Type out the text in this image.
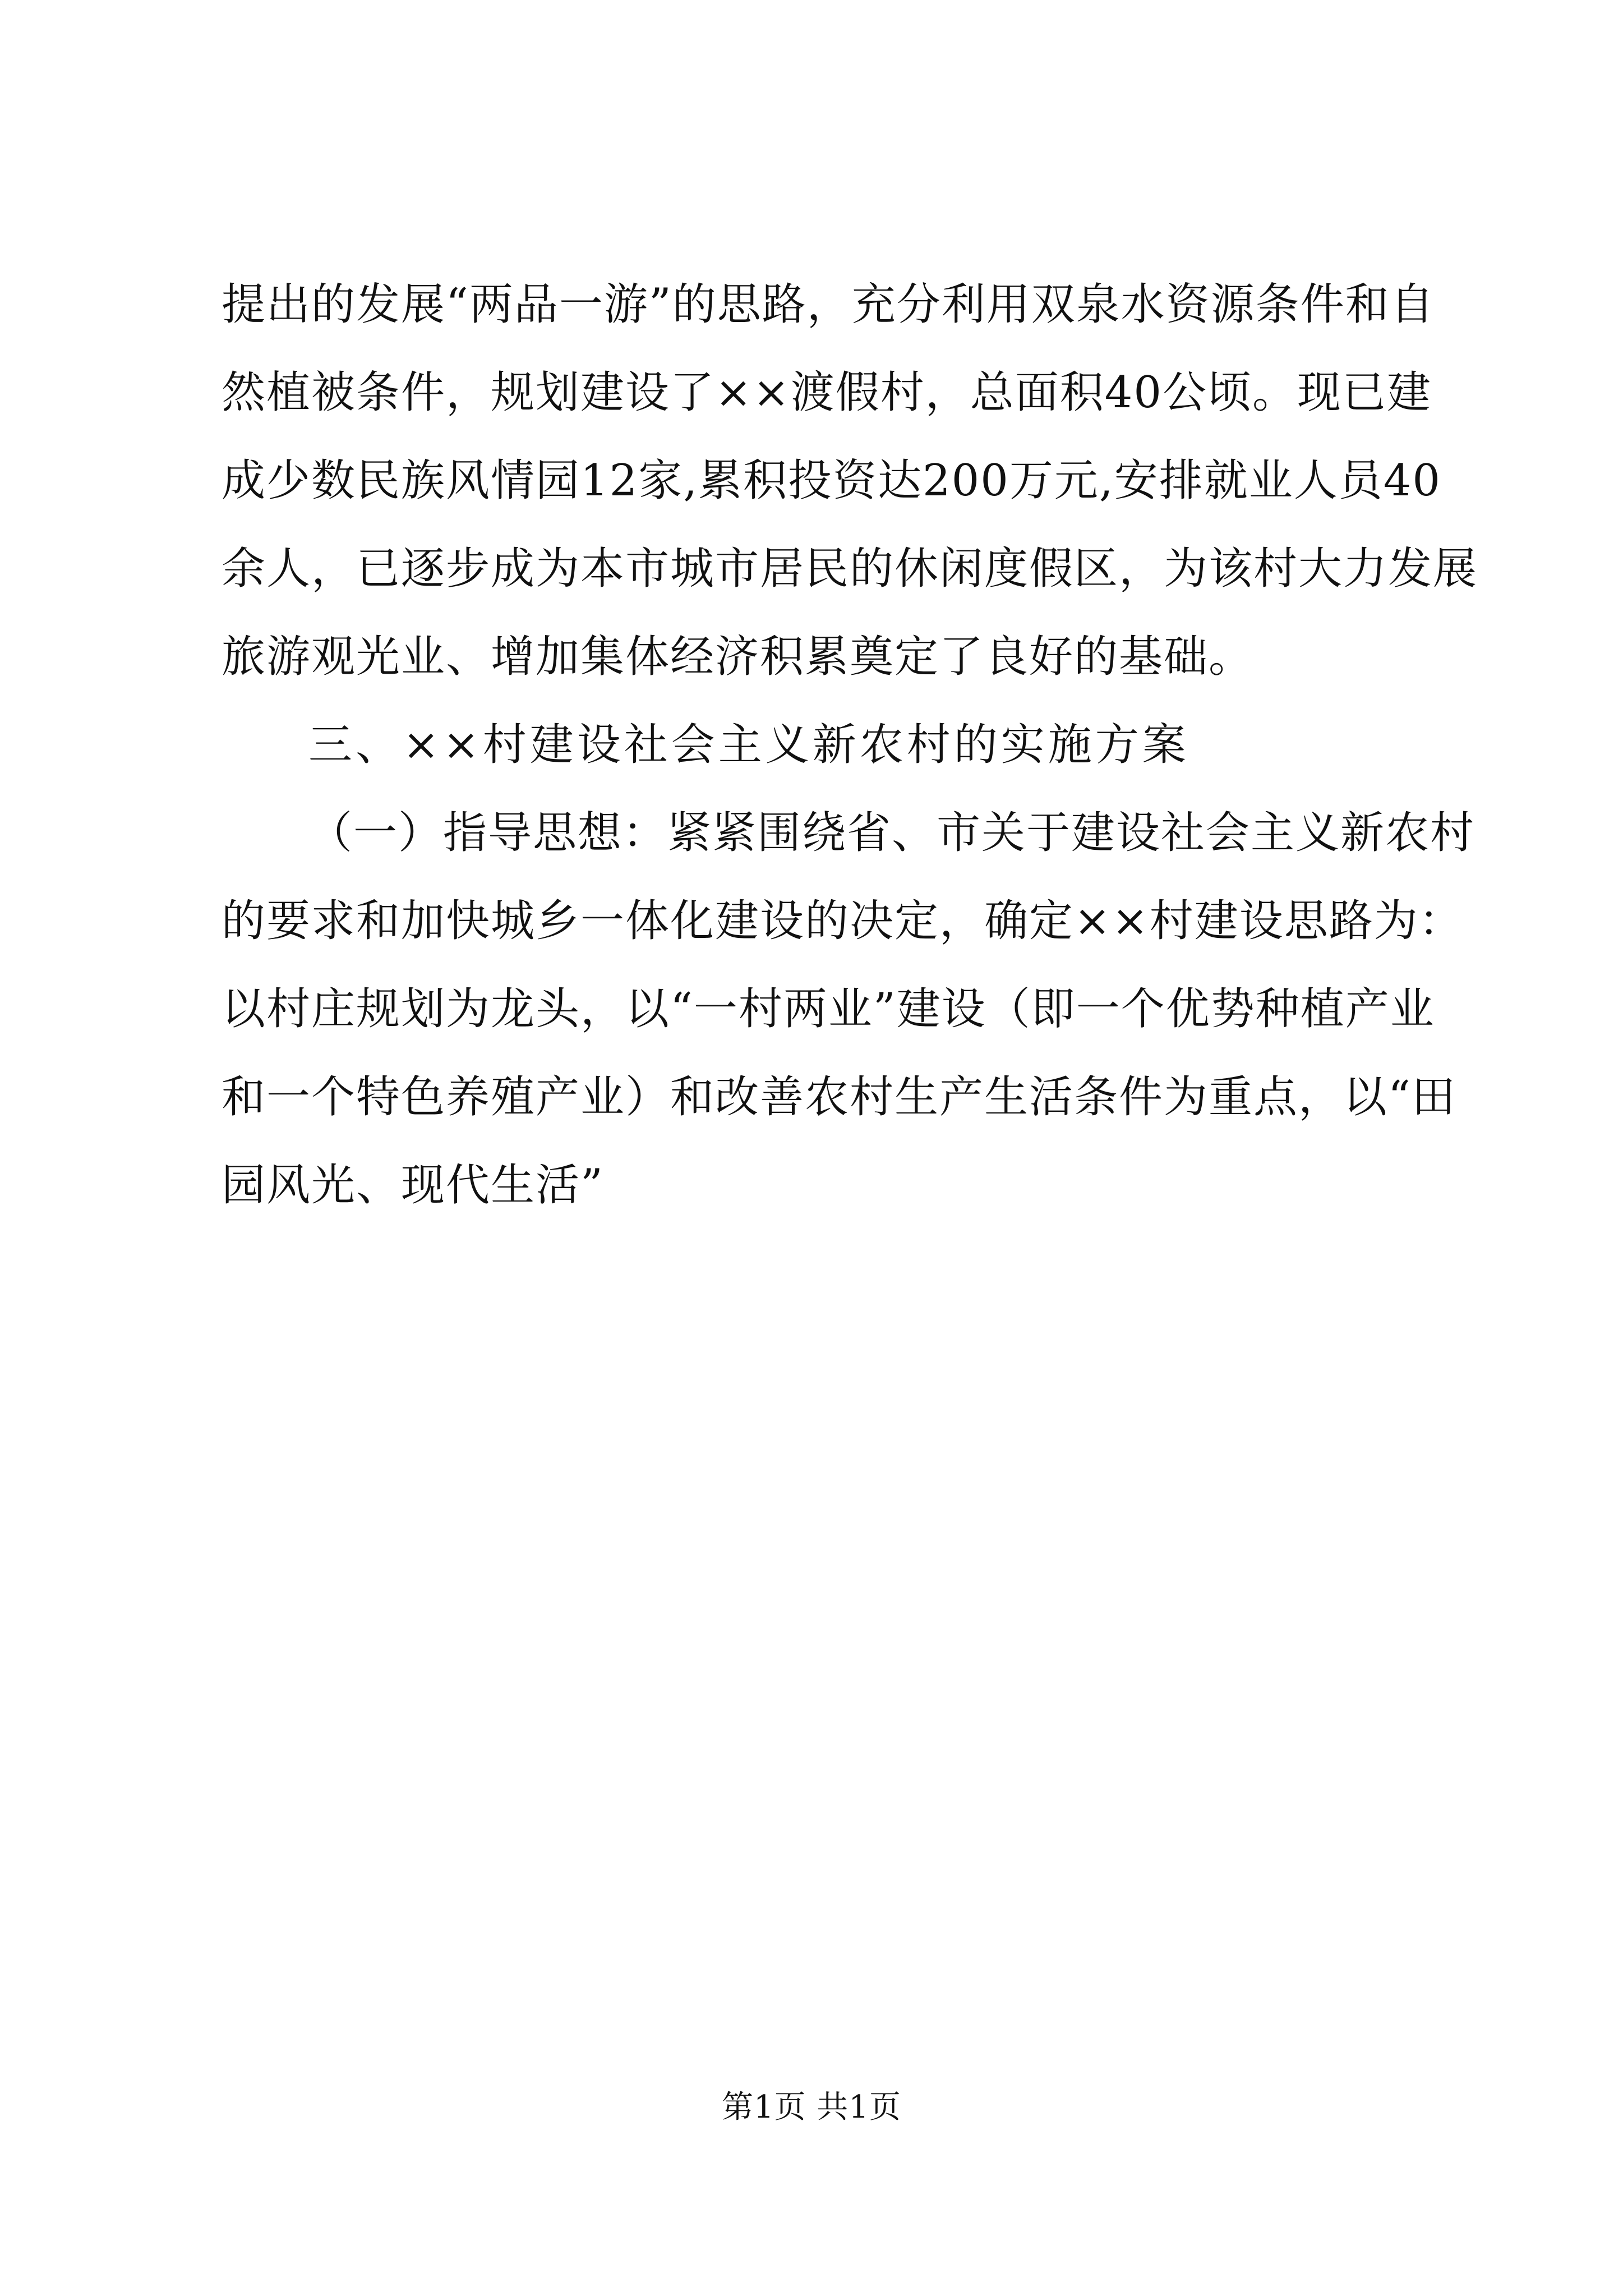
提出的发展“两品一游”的思路，充分利用双泉水资源条件和自
然植被条件，规划建设了××渡假村，总面积40公顷。现已建
成少数民族风情园12家,累积投资达200万元,安排就业人员40
余人，已逐步成为本市城市居民的休闲度假区，为该村大力发展
旅游观光业、增加集体经济积累奠定了良好的基础。
三、××村建设社会主义新农村的实施方案
（一）指导思想：紧紧围绕省、市关于建设社会主义新农村
的要求和加快城乡一体化建设的决定，确定××村建设思路为：
以村庄规划为龙头，以“一村两业”建设（即一个优势种植产业
和一个特色养殖产业）和改善农村生产生活条件为重点，以“田
园风光、现代生活”
第1页 共1页
